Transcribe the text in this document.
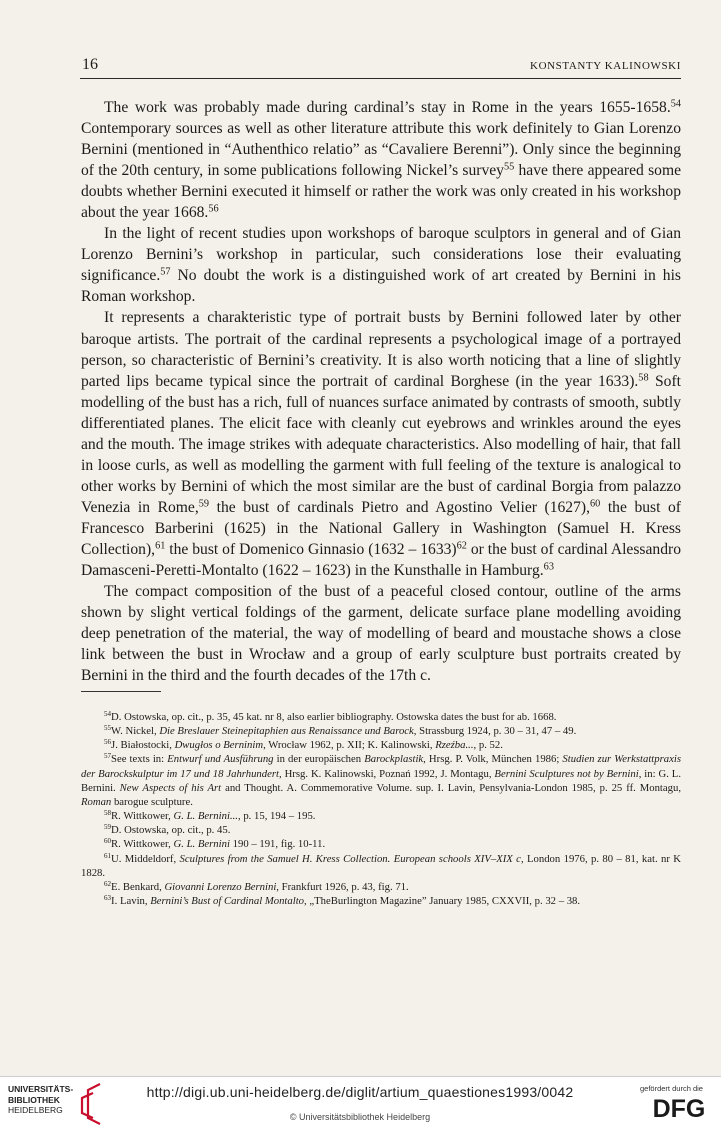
16	KONSTANTY KALINOWSKI

The work was probably made during cardinal’s stay in Rome in the years 1655-1658.54 Contemporary sources as well as other literature attribute this work definitely to Gian Lorenzo Bernini (mentioned in “Authenthico relatio” as “Cavaliere Berenni”). Only since the beginning of the 20th century, in some publications following Nickel’s survey$^{55}$ have there appeared some doubts whether Bernini executed it himself or rather the work was only created in his workshop about the year 1668.56

In the light of recent studies upon workshops of baroque sculptors in general and of Gian Lorenzo Bernini’s workshop in particular, such considerations lose their evaluating significance.$^{57}$ No doubt the work is a distinguished work of art created by Bernini in his Roman workshop.

It represents a charakteristic type of portrait busts by Bernini followed later by other baroque artists. The portrait of the cardinal represents a psychological image of a portrayed person, so characteristic of Bernini’s creativity. It is also worth noticing that a line of slightly parted lips became typical since the portrait of cardinal Borghese (in the year 1633).$^{58}$ Soft modelling of the bust has a rich, full of nuances surface animated by contrasts of smooth, subtly differentiated planes. The elicit face with cleanly cut eyebrows and wrinkles around the eyes and the mouth. The image strikes with adequate characteristics. Also modelling of hair, that fall in loose curls, as well as modelling the garment with full feeling of the texture is analogical to other works by Bernini of which the most similar are the bust of cardinal Borgia from palazzo Venezia in Rome,$^{59}$ the bust of cardinals Pietro and Agostino Velier (1627),$^{60}$ the bust of Francesco Barberini (1625) in the National Gallery in Washington (Samuel H. Kress Collection),$^{61}$ the bust of Domenico Ginnasio (1632 – 1633)$^{62}$ or the bust of cardinal Alessandro Damasceni-Peretti-Montalto (1622 – 1623) in the Kunsthalle in Hamburg.$^{63}$

The compact composition of the bust of a peaceful closed contour, outline of the arms shown by slight vertical foldings of the garment, delicate surface plane modelling avoiding deep penetration of the material, the way of modelling of beard and moustache shows a close link between the bust in Wrocław and a group of early sculpture bust portraits created by Bernini in the third and the fourth decades of the 17th c.

$^{54}$D. Ostowska, op. cit., p. 35, 45 kat. nr 8, also earlier bibliography. Ostowska dates the bust for ab. 1668.

$^{55}$W. Nickel, Die Breslauer Steinepitaphien aus Renaissance und Barock, Strassburg 1924, p. 30 – 31, 47 – 49.

$^{56}$J. Białostocki, Dwugłos o Berninim, Wrocław 1962, p. XII; K. Kalinowski, Rzeźba..., p. 52.

$^{57}$See texts in: Entwurf und Ausführung in der europäischen Barockplastik, Hrsg. P. Volk, München 1986; Studien zur Werkstattpraxis der Barockskulptur im 17 und 18 Jahrhundert, Hrsg. K. Kalinowski, Poznań 1992, J. Montagu, Bernini Sculptures not by Bernini, in: G. L. Bernini. New Aspects of his Art and Thought. A. Commemorative Volume. sup. I. Lavin, Pensylvania-London 1985, p. 25 ff. Montagu, Roman barogue sculpture.

$^{58}$R. Wittkower, G. L. Bernini..., p. 15, 194 – 195.

$^{59}$D. Ostowska, op. cit., p. 45.

$^{60}$R. Wittkower, G. L. Bernini 190 – 191, fig. 10-11.

$^{61}$U. Middeldorf, Sculptures from the Samuel H. Kress Collection. European schools XIV–XIX c, London 1976, p. 80 – 81, kat. nr K 1828.

$^{62}$E. Benkard, Giovanni Lorenzo Bernini, Frankfurt 1926, p. 43, fig. 71.

$^{63}$I. Lavin, Bernini’s Bust of Cardinal Montalto, „TheBurlington Magazine” January 1985, CXXVII, p. 32 – 38.

UNIVERSITÄTS-
BIBLIOTHEK
HEIDELBERG
http://digi.ub.uni-heidelberg.de/diglit/artium_quaestiones1993/0042
© Universitätsbibliothek Heidelberg
gefördert durch die
DFG
